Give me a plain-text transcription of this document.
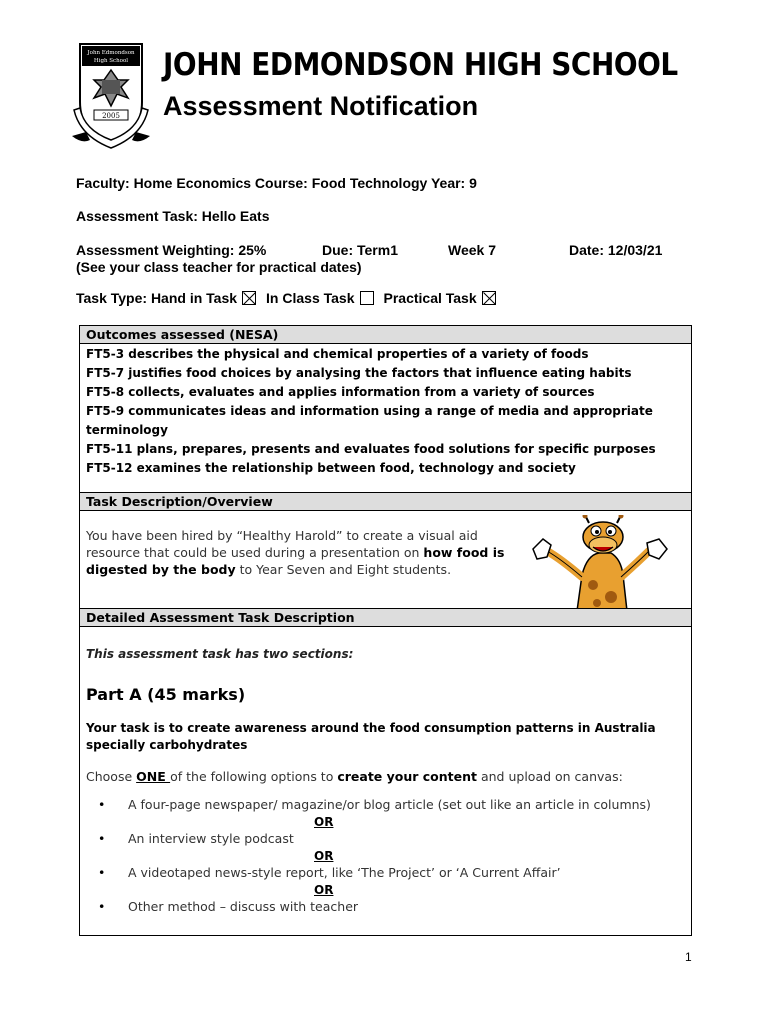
John Edmondson
High School
2005
JOHN EDMONDSON HIGH SCHOOL
Assessment Notification
Faculty: Home Economics Course: Food Technology Year: 9
Assessment Task: Hello Eats
Assessment Weighting: 25%	Due: Term1	Week 7	Date: 12/03/21
(See your class teacher for practical dates)
Task Type: Hand in Task In Class Task Practical Task
Outcomes assessed (NESA)
FT5-3 describes the physical and chemical properties of a variety of foods
FT5-7 justifies food choices by analysing the factors that influence eating habits
FT5-8 collects, evaluates and applies information from a variety of sources
FT5-9 communicates ideas and information using a range of media and appropriate
terminology
FT5-11 plans, prepares, presents and evaluates food solutions for specific purposes
FT5-12 examines the relationship between food, technology and society
Task Description/Overview
You have been hired by “Healthy Harold” to create a visual aid resource that could be used during a presentation on how food is digested by the body to Year Seven and Eight students.
Detailed Assessment Task Description
This assessment task has two sections:
Part A (45 marks)
Your task is to create awareness around the food consumption patterns in Australia specially carbohydrates
Choose ONE of the following options to create your content and upload on canvas:
• A four-page newspaper/ magazine/or blog article (set out like an article in columns)
OR
• An interview style podcast
OR
• A videotaped news-style report, like ‘The Project’ or ‘A Current Affair’
OR
• Other method – discuss with teacher
1
